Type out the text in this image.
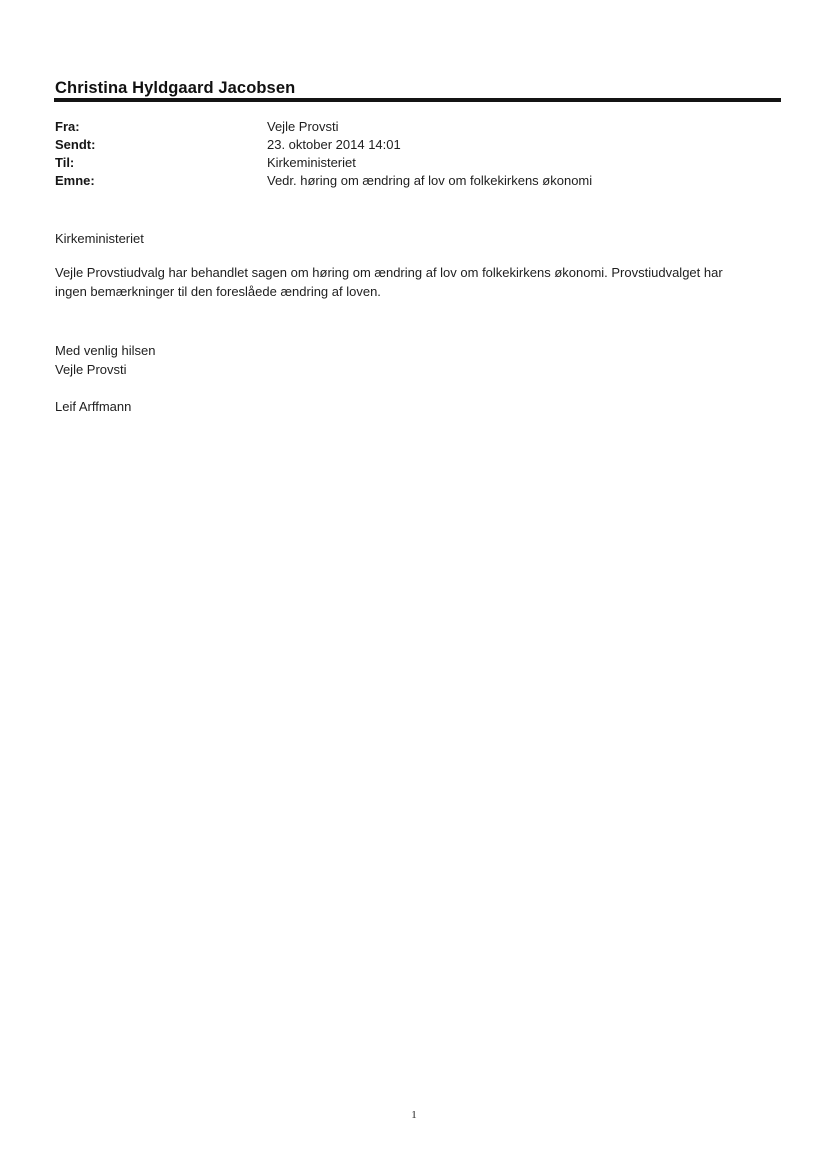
Christina Hyldgaard Jacobsen
Fra:	Vejle Provsti
Sendt:	23. oktober 2014 14:01
Til:	Kirkeministeriet
Emne:	Vedr. høring om ændring af lov om folkekirkens økonomi
Kirkeministeriet
Vejle Provstiudvalg har behandlet sagen om høring om ændring af lov om folkekirkens økonomi. Provstiudvalget har
ingen bemærkninger til den foreslåede ændring af loven.
Med venlig hilsen
Vejle Provsti
Leif Arffmann
1
